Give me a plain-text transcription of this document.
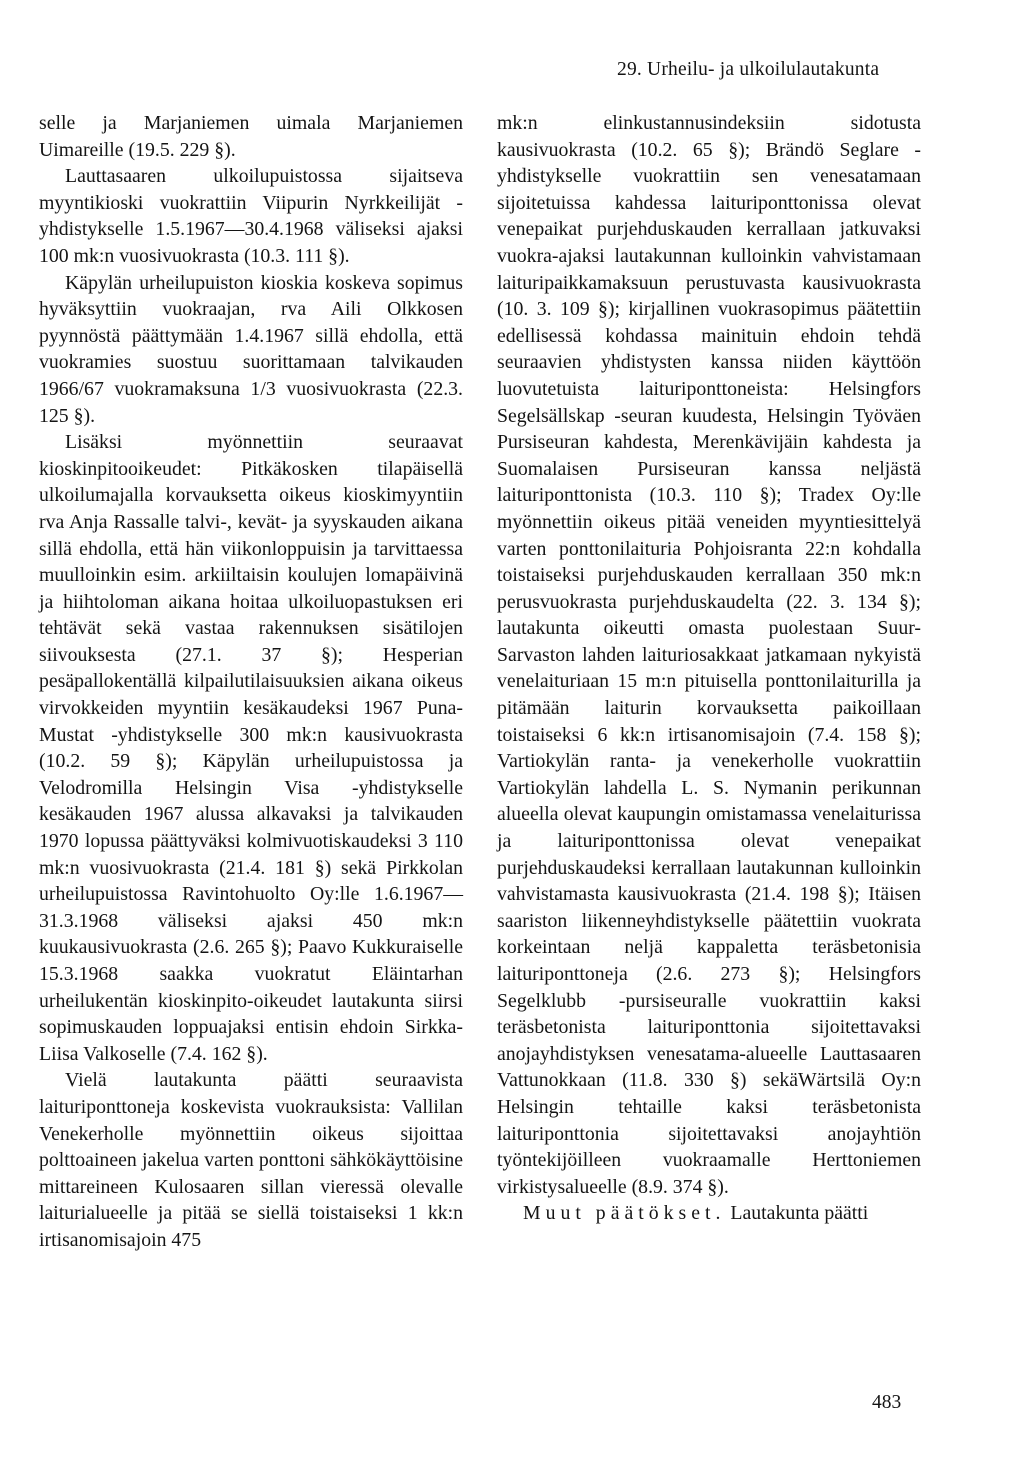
29. Urheilu- ja ulkoilulautakunta

selle ja Marjaniemen uimala Marjaniemen Uimareille (19.5. 229 §).

Lauttasaaren ulkoilupuistossa sijaitseva myyntikioski vuokrattiin Viipurin Nyrkkeilijät -yhdistykselle 1.5.1967—30.4.1968 väliseksi ajaksi 100 mk:n vuosivuokrasta (10.3. 111 §).

Käpylän urheilupuiston kioskia koskeva sopimus hyväksyttiin vuokraajan, rva Aili Olkkosen pyynnöstä päättymään 1.4.1967 sillä ehdolla, että vuokramies suostuu suorittamaan talvikauden 1966/67 vuokramaksuna 1/3 vuosivuokrasta (22.3. 125 §).

Lisäksi myönnettiin seuraavat kioskinpitooikeudet: Pitkäkosken tilapäisellä ulkoilumajalla korvauksetta oikeus kioskimyyntiin rva Anja Rassalle talvi-, kevät- ja syyskauden aikana sillä ehdolla, että hän viikonloppuisin ja tarvittaessa muulloinkin esim. arkiiltaisin koulujen lomapäivinä ja hiihtoloman aikana hoitaa ulkoiluopastuksen eri tehtävät sekä vastaa rakennuksen sisätilojen siivouksesta (27.1. 37 §); Hesperian pesäpallokentällä kilpailutilaisuuksien aikana oikeus virvokkeiden myyntiin kesäkaudeksi 1967 Puna-Mustat -yhdistykselle 300 mk:n kausivuokrasta (10.2. 59 §); Käpylän urheilupuistossa ja Velodromilla Helsingin Visa -yhdistykselle kesäkauden 1967 alussa alkavaksi ja talvikauden 1970 lopussa päättyväksi kolmivuotiskaudeksi 3 110 mk:n vuosivuokrasta (21.4. 181 §) sekä Pirkkolan urheilupuistossa Ravintohuolto Oy:lle 1.6.1967—31.3.1968 väliseksi ajaksi 450 mk:n kuukausivuokrasta (2.6. 265 §); Paavo Kukkuraiselle 15.3.1968 saakka vuokratut Eläintarhan urheilukentän kioskinpito-oikeudet lautakunta siirsi sopimuskauden loppuajaksi entisin ehdoin Sirkka-Liisa Valkoselle (7.4. 162 §).

Vielä lautakunta päätti seuraavista laituriponttoneja koskevista vuokrauksista: Vallilan Venekerholle myönnettiin oikeus sijoittaa polttoaineen jakelua varten ponttoni sähkökäyttöisine mittareineen Kulosaaren sillan vieressä olevalle laiturialueelle ja pitää se siellä toistaiseksi 1 kk:n irtisanomisajoin 475

mk:n elinkustannusindeksiin sidotusta kausivuokrasta (10.2. 65 §); Brändö Seglare -yhdistykselle vuokrattiin sen venesatamaan sijoitetuissa kahdessa laituriponttonissa olevat venepaikat purjehduskauden kerrallaan jatkuvaksi vuokra-ajaksi lautakunnan kulloinkin vahvistamaan laituripaikkamaksuun perustuvasta kausivuokrasta (10. 3. 109 §); kirjallinen vuokrasopimus päätettiin edellisessä kohdassa mainituin ehdoin tehdä seuraavien yhdistysten kanssa niiden käyttöön luovutetuista laituriponttoneista: Helsingfors Segelsällskap -seuran kuudesta, Helsingin Työväen Pursiseuran kahdesta, Merenkävijäin kahdesta ja Suomalaisen Pursiseuran kanssa neljästä laituriponttonista (10.3. 110 §); Tradex Oy:lle myönnettiin oikeus pitää veneiden myyntiesittelyä varten ponttonilaituria Pohjoisranta 22:n kohdalla toistaiseksi purjehduskauden kerrallaan 350 mk:n perusvuokrasta purjehduskaudelta (22. 3. 134 §); lautakunta oikeutti omasta puolestaan Suur-Sarvaston lahden laituriosakkaat jatkamaan nykyistä venelaituriaan 15 m:n pituisella ponttonilaiturilla ja pitämään laiturin korvauksetta paikoillaan toistaiseksi 6 kk:n irtisanomisajoin (7.4. 158 §); Vartiokylän ranta- ja venekerholle vuokrattiin Vartiokylän lahdella L. S. Nymanin perikunnan alueella olevat kaupungin omistamassa venelaiturissa ja laituriponttonissa olevat venepaikat purjehduskaudeksi kerrallaan lautakunnan kulloinkin vahvistamasta kausivuokrasta (21.4. 198 §); Itäisen saariston liikenneyhdistykselle päätettiin vuokrata korkeintaan neljä kappaletta teräsbetonisia laituriponttoneja (2.6. 273 §); Helsingfors Segelklubb -pursiseuralle vuokrattiin kaksi teräsbetonista laituriponttonia sijoitettavaksi anojayhdistyksen venesatama-alueelle Lauttasaaren Vattunokkaan (11.8. 330 §) sekäWärtsilä Oy:n Helsingin tehtaille kaksi teräsbetonista laituriponttonia sijoitettavaksi anojayhtiön työntekijöilleen vuokraamalle Herttoniemen virkistysalueelle (8.9. 374 §).

Muut päätökset. Lautakunta päätti

483
